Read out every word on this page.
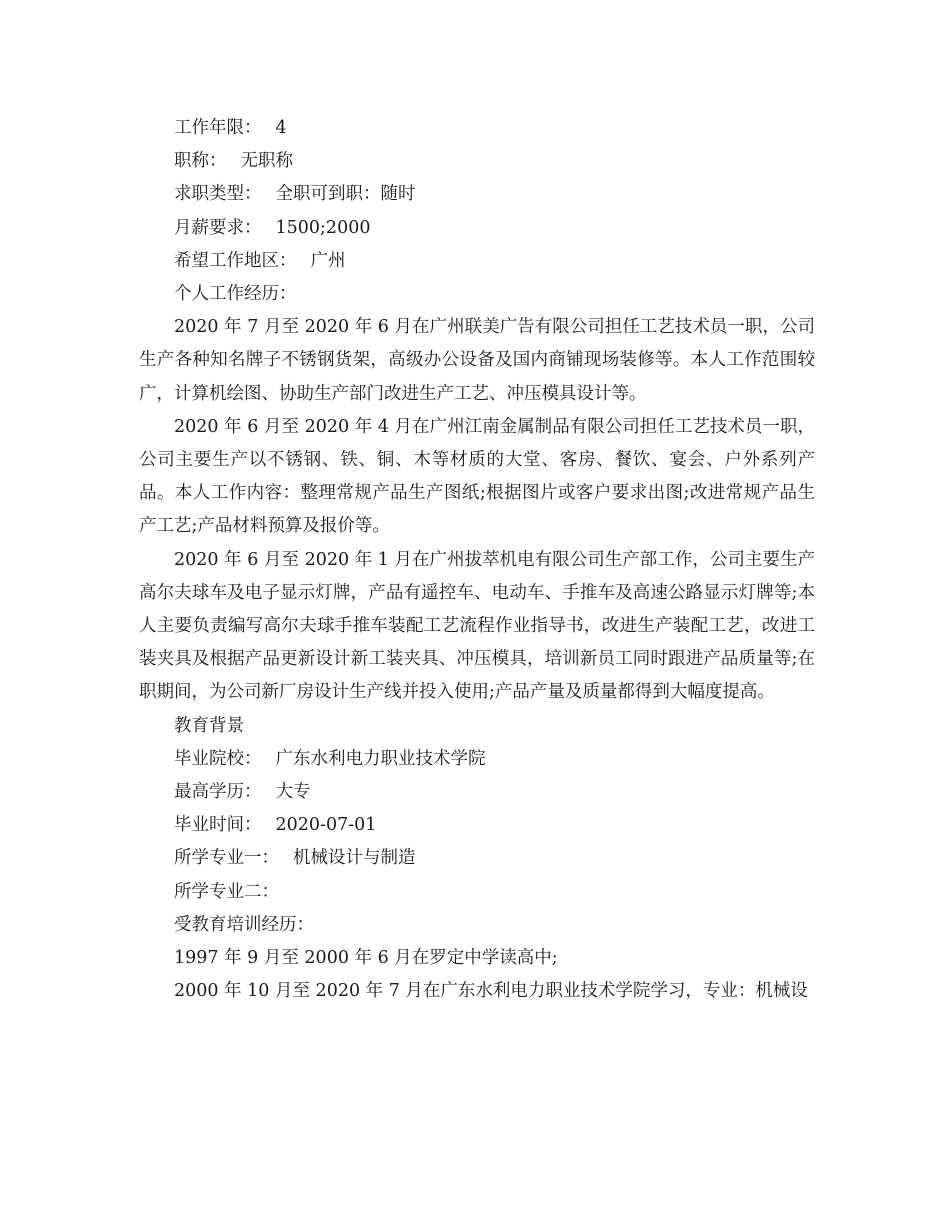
工作年限： 4

职称： 无职称

求职类型： 全职可到职：随时

月薪要求： 1500;2000

希望工作地区： 广州

个人工作经历：

2020 年 7 月至 2020 年 6 月在广州联美广告有限公司担任工艺技术员一职，公司生产各种知名牌子不锈钢货架，高级办公设备及国内商铺现场装修等。本人工作范围较广，计算机绘图、协助生产部门改进生产工艺、冲压模具设计等。

2020 年 6 月至 2020 年 4 月在广州江南金属制品有限公司担任工艺技术员一职，公司主要生产以不锈钢、铁、铜、木等材质的大堂、客房、餐饮、宴会、户外系列产品。本人工作内容：整理常规产品生产图纸;根据图片或客户要求出图;改进常规产品生产工艺;产品材料预算及报价等。

2020 年 6 月至 2020 年 1 月在广州拔萃机电有限公司生产部工作，公司主要生产高尔夫球车及电子显示灯牌，产品有遥控车、电动车、手推车及高速公路显示灯牌等;本人主要负责编写高尔夫球手推车装配工艺流程作业指导书，改进生产装配工艺，改进工装夹具及根据产品更新设计新工装夹具、冲压模具，培训新员工同时跟进产品质量等;在职期间，为公司新厂房设计生产线并投入使用;产品产量及质量都得到大幅度提高。

教育背景

毕业院校： 广东水利电力职业技术学院

最高学历： 大专

毕业时间： 2020-07-01

所学专业一： 机械设计与制造

所学专业二：

受教育培训经历：

1997 年 9 月至 2000 年 6 月在罗定中学读高中;

2000 年 10 月至 2020 年 7 月在广东水利电力职业技术学院学习，专业：机械设
